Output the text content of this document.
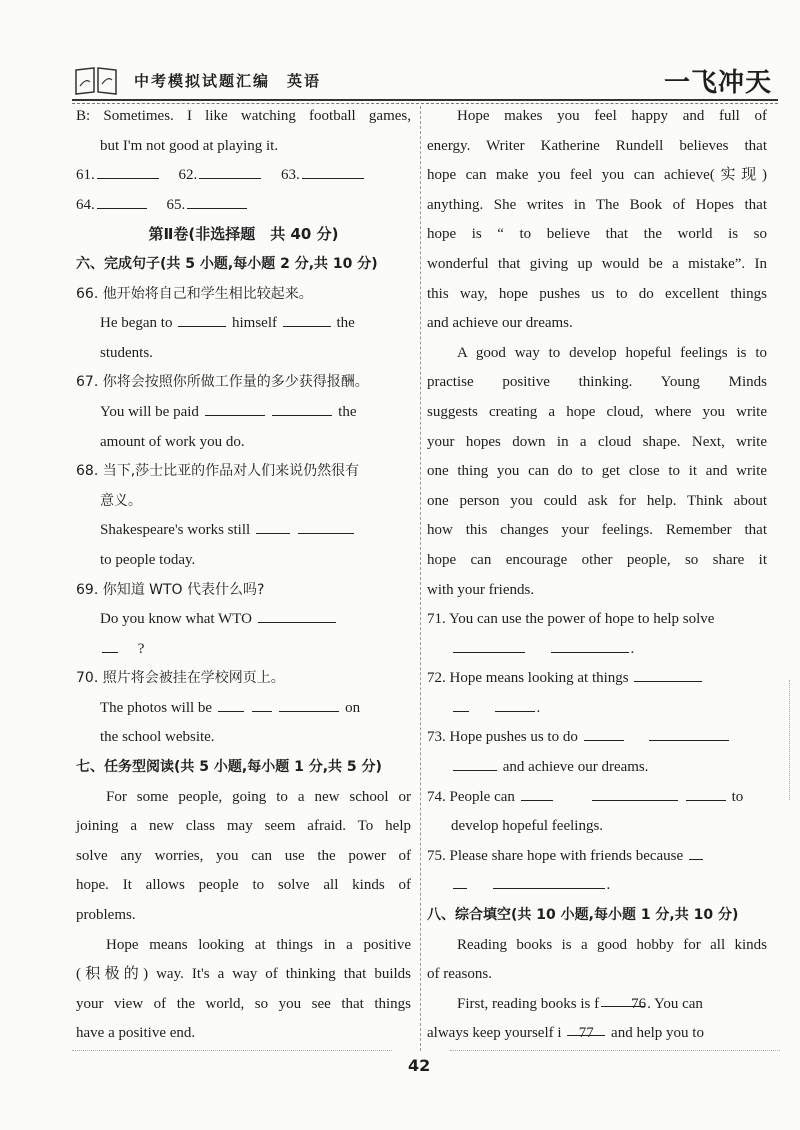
中考模拟试题汇编　英语	一飞冲天
B: Sometimes. I like watching football games,
but I'm not good at playing it.
61.	62.	63.
64.	65.
第Ⅱ卷(非选择题　共 40 分)
六、完成句子(共 5 小题,每小题 2 分,共 10 分)
66. 他开始将自己和学生相比较起来。
He began to	himself	the
students.
67. 你将会按照你所做工作量的多少获得报酬。
You will be paid	the
amount of work you do.
68. 当下,莎士比亚的作品对人们来说仍然很有
意义。
Shakespeare's works still
to people today.
69. 你知道 WTO 代表什么吗?
Do you know what WTO
?
70. 照片将会被挂在学校网页上。
The photos will be	on
the school website.
七、任务型阅读(共 5 小题,每小题 1 分,共 5 分)
For some people, going to a new school or
joining a new class may seem afraid. To help
solve any worries, you can use the power of
hope. It allows people to solve all kinds of
problems.
Hope means looking at things in a positive
(积极的) way. It's a way of thinking that builds
your view of the world, so you see that things
have a positive end.
Hope makes you feel happy and full of
energy. Writer Katherine Rundell believes that
hope can make you feel you can achieve(实现)
anything. She writes in The Book of Hopes that
hope is “ to believe that the world is so
wonderful that giving up would be a mistake”. In
this way, hope pushes us to do excellent things
and achieve our dreams.
A good way to develop hopeful feelings is to
practise positive thinking. Young Minds
suggests creating a hope cloud, where you write
your hopes down in a cloud shape. Next, write
one thing you can do to get close to it and write
one person you could ask for help. Think about
how this changes your feelings. Remember that
hope can encourage other people, so share it
with your friends.
71. You can use the power of hope to help solve
.
72. Hope means looking at things
.
73. Hope pushes us to do
and achieve our dreams.
74. People can	to
develop hopeful feelings.
75. Please share hope with friends because
.
八、综合填空(共 10 小题,每小题 1 分,共 10 分)
Reading books is a good hobby for all kinds
of reasons.
First, reading books is f 76. You can
always keep yourself i 77 and help you to
42
